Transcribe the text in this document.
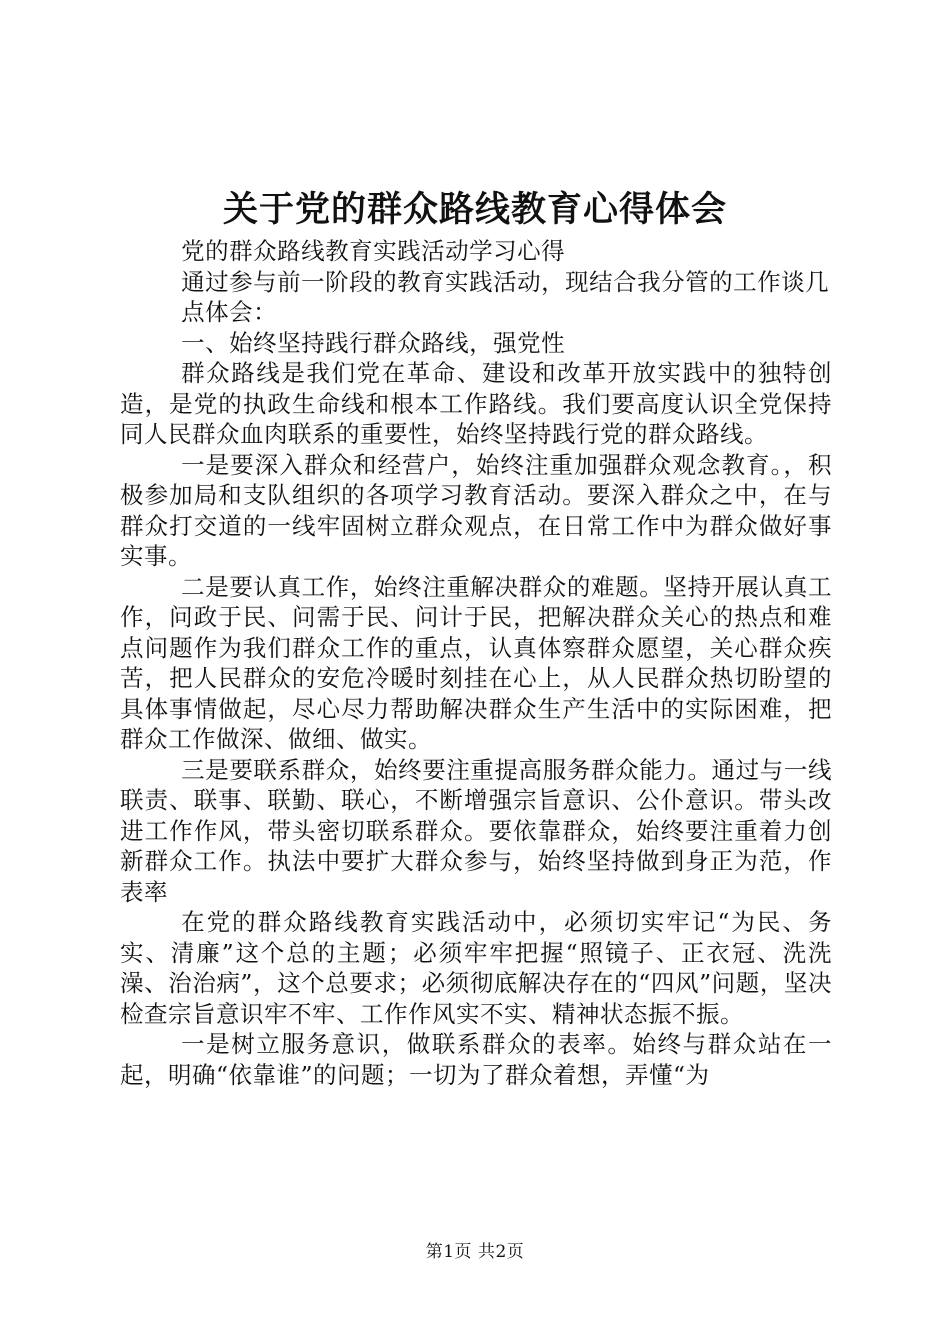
关于党的群众路线教育心得体会

党的群众路线教育实践活动学习心得

通过参与前一阶段的教育实践活动，现结合我分管的工作谈几

点体会：

一、始终坚持践行群众路线，强党性

群众路线是我们党在革命、建设和改革开放实践中的独特创造，是党的执政生命线和根本工作路线。我们要高度认识全党保持同人民群众血肉联系的重要性，始终坚持践行党的群众路线。

一是要深入群众和经营户，始终注重加强群众观念教育。，积极参加局和支队组织的各项学习教育活动。要深入群众之中，在与群众打交道的一线牢固树立群众观点，在日常工作中为群众做好事实事。

二是要认真工作，始终注重解决群众的难题。坚持开展认真工作，问政于民、问需于民、问计于民，把解决群众关心的热点和难点问题作为我们群众工作的重点，认真体察群众愿望，关心群众疾苦，把人民群众的安危冷暖时刻挂在心上，从人民群众热切盼望的具体事情做起，尽心尽力帮助解决群众生产生活中的实际困难，把群众工作做深、做细、做实。

三是要联系群众，始终要注重提高服务群众能力。通过与一线联责、联事、联勤、联心，不断增强宗旨意识、公仆意识。带头改进工作作风，带头密切联系群众。要依靠群众，始终要注重着力创新群众工作。执法中要扩大群众参与，始终坚持做到身正为范，作表率

在党的群众路线教育实践活动中，必须切实牢记“为民、务实、清廉”这个总的主题；必须牢牢把握“照镜子、正衣冠、洗洗澡、治治病”，这个总要求；必须彻底解决存在的“四风”问题，坚决检查宗旨意识牢不牢、工作作风实不实、精神状态振不振。

一是树立服务意识，做联系群众的表率。始终与群众站在一起，明确“依靠谁”的问题；一切为了群众着想，弄懂“为

第1页 共2页
